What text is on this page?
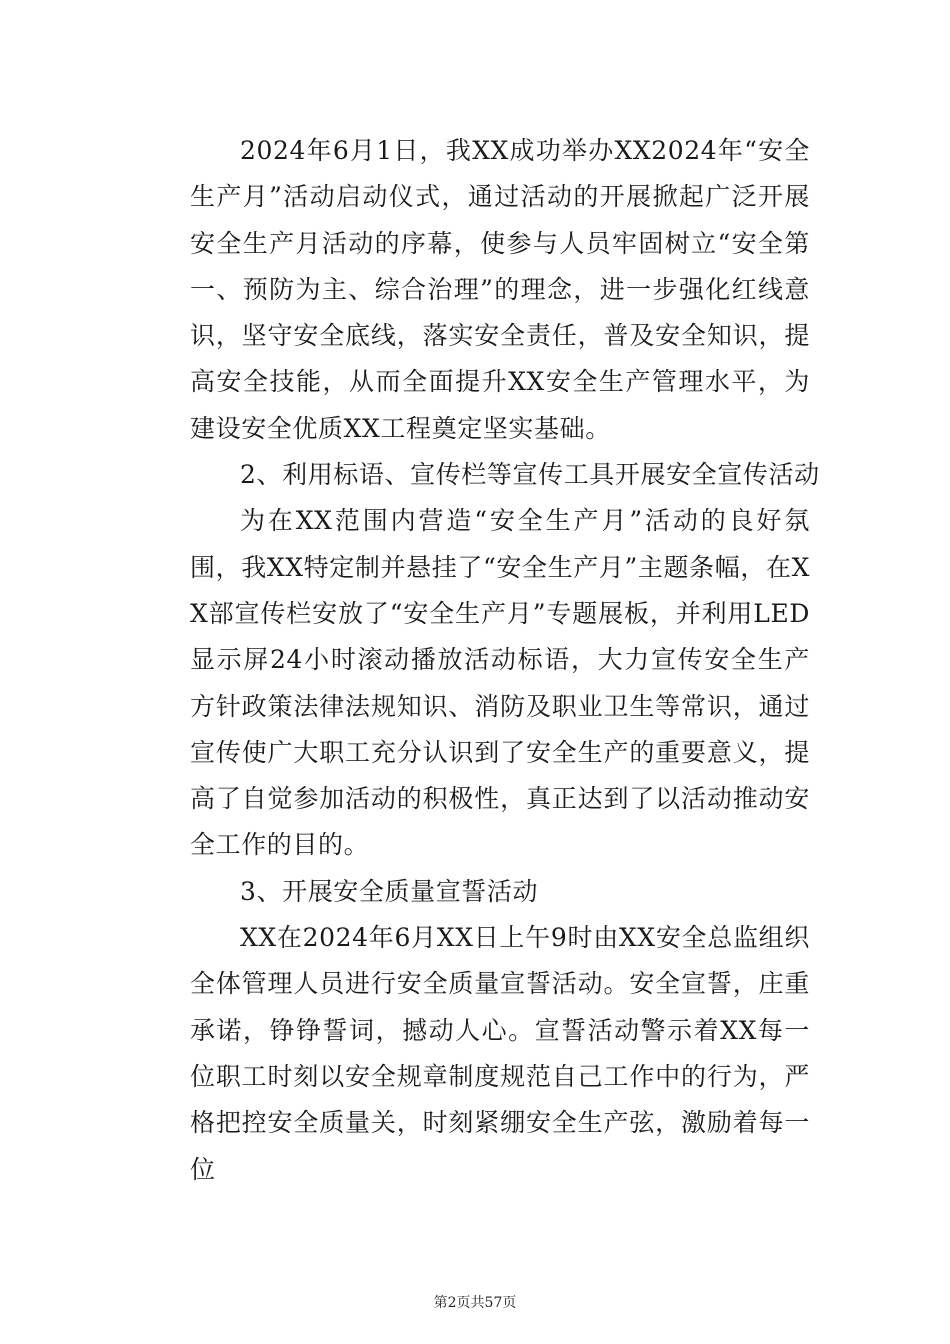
2024年6月1日，我XX成功举办XX2024年“安全生产月”活动启动仪式，通过活动的开展掀起广泛开展安全生产月活动的序幕，使参与人员牢固树立“安全第一、预防为主、综合治理”的理念，进一步强化红线意识，坚守安全底线，落实安全责任，普及安全知识，提高安全技能，从而全面提升XX安全生产管理水平，为建设安全优质XX工程奠定坚实基础。

2、利用标语、宣传栏等宣传工具开展安全宣传活动

为在XX范围内营造“安全生产月”活动的良好氛围，我XX特定制并悬挂了“安全生产月”主题条幅，在XX部宣传栏安放了“安全生产月”专题展板，并利用LED显示屏24小时滚动播放活动标语，大力宣传安全生产方针政策法律法规知识、消防及职业卫生等常识，通过宣传使广大职工充分认识到了安全生产的重要意义，提高了自觉参加活动的积极性，真正达到了以活动推动安全工作的目的。

3、开展安全质量宣誓活动

XX在2024年6月XX日上午9时由XX安全总监组织全体管理人员进行安全质量宣誓活动。安全宣誓，庄重承诺，铮铮誓词，撼动人心。宣誓活动警示着XX每一位职工时刻以安全规章制度规范自己工作中的行为，严格把控安全质量关，时刻紧绷安全生产弦，激励着每一位

第2页共57页
